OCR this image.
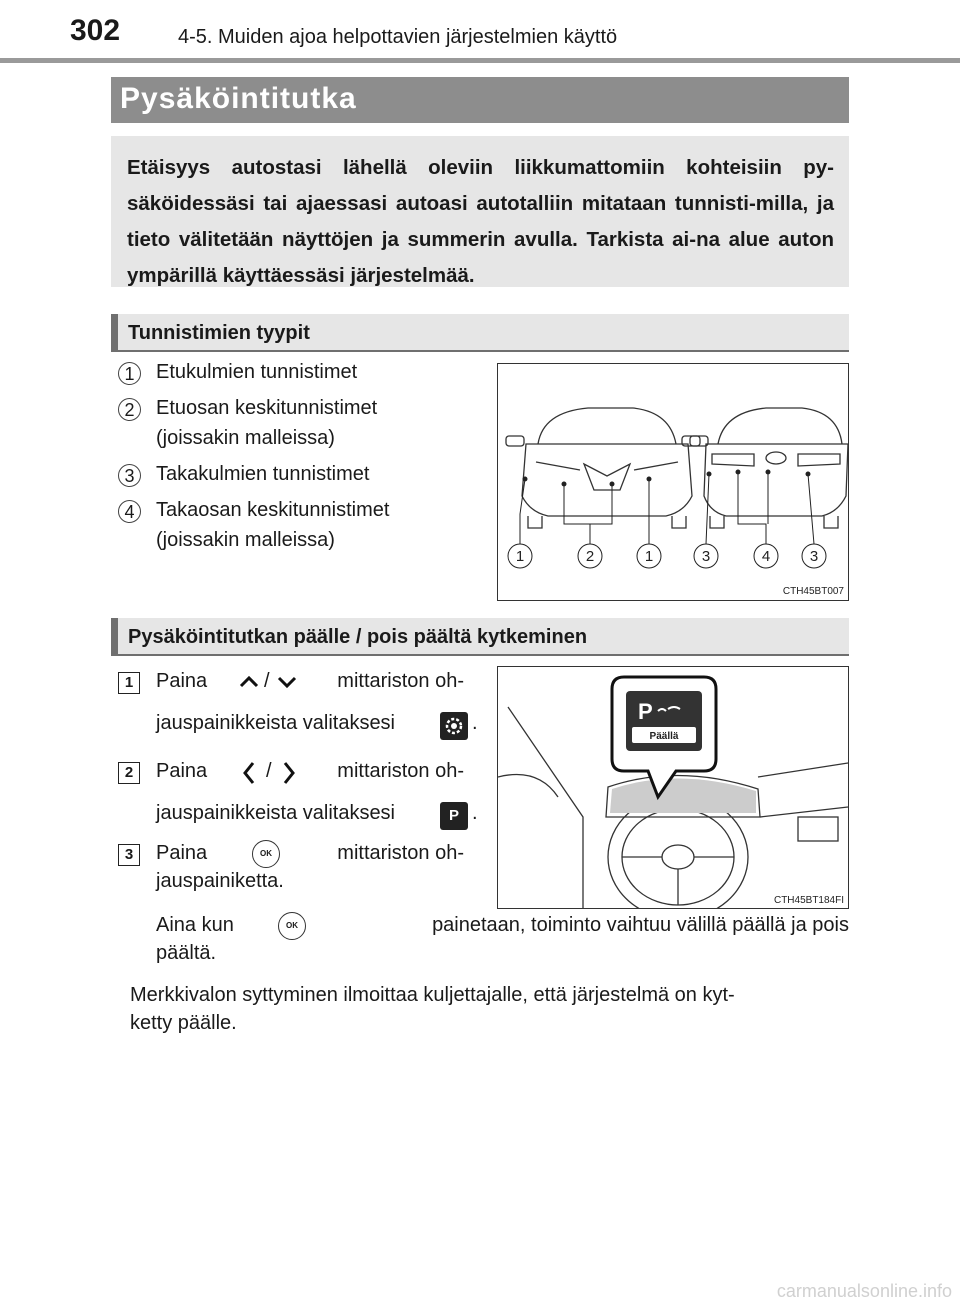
302	4-5. Muiden ajoa helpottavien järjestelmien käyttö
Pysäköintitutka
Etäisyys autostasi lähellä oleviin liikkumattomiin kohteisiin py-säköidessäsi tai ajaessasi autoasi autotalliin mitataan tunnisti-milla, ja tieto välitetään näyttöjen ja summerin avulla. Tarkista ai-na alue auton ympärillä käyttäessäsi järjestelmää.
Tunnistimien tyypit
1	Etukulmien tunnistimet
2	Etuosan keskitunnistimet
(joissakin malleissa)
3	Takakulmien tunnistimet
4	Takaosan keskitunnistimet
(joissakin malleissa)
1	2	1	3	4	3
CTH45BT007
Pysäköintitutkan päälle / pois päältä kytkeminen
1	Paina	/	mittariston oh-
jauspainikkeista valitaksesi	.
2	Paina	/	mittariston oh-
jauspainikkeista valitaksesi	P .
3	Paina	OK	mittariston oh-
jauspainiketta.
Aina kun	OK	painetaan, toiminto vaihtuu välillä päällä ja pois
päältä.
Merkkivalon syttyminen ilmoittaa kuljettajalle, että järjestelmä on kyt-
ketty päälle.
P
Päällä
CTH45BT184FI
carmanualsonline.info
